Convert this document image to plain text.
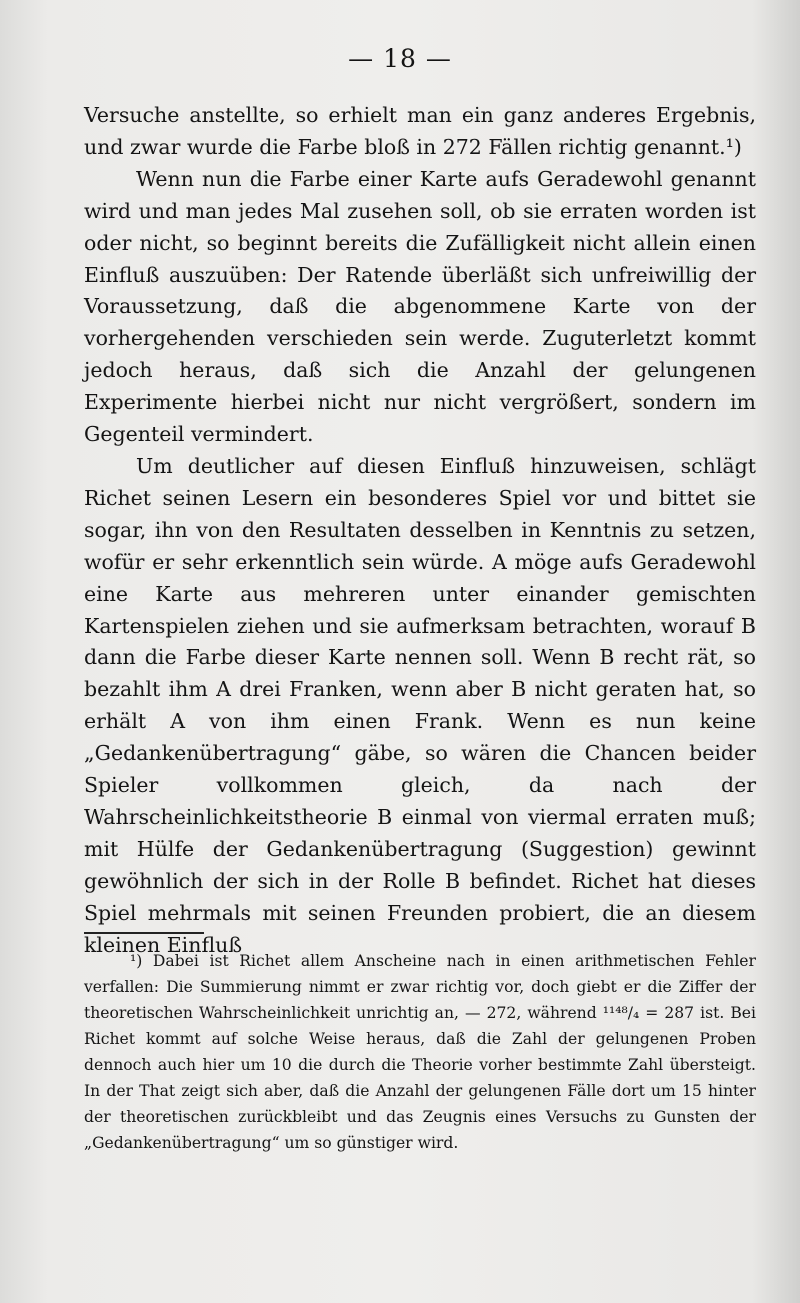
— 18 —

Versuche anstellte, so erhielt man ein ganz anderes Ergebnis, und zwar wurde die Farbe bloß in 272 Fällen richtig genannt.¹)

Wenn nun die Farbe einer Karte aufs Geradewohl genannt wird und man jedes Mal zusehen soll, ob sie erraten worden ist oder nicht, so beginnt bereits die Zufälligkeit nicht allein einen Einfluß auszuüben: Der Ratende überläßt sich unfreiwillig der Voraussetzung, daß die abgenommene Karte von der vorhergehenden verschieden sein werde. Zuguterletzt kommt jedoch heraus, daß sich die Anzahl der gelungenen Experimente hierbei nicht nur nicht vergrößert, sondern im Gegenteil vermindert.

Um deutlicher auf diesen Einfluß hinzuweisen, schlägt Richet seinen Lesern ein besonderes Spiel vor und bittet sie sogar, ihn von den Resultaten desselben in Kenntnis zu setzen, wofür er sehr erkenntlich sein würde. A möge aufs Geradewohl eine Karte aus mehreren unter einander gemischten Kartenspielen ziehen und sie aufmerksam betrachten, worauf B dann die Farbe dieser Karte nennen soll. Wenn B recht rät, so bezahlt ihm A drei Franken, wenn aber B nicht geraten hat, so erhält A von ihm einen Frank. Wenn es nun keine „Gedankenübertragung“ gäbe, so wären die Chancen beider Spieler vollkommen gleich, da nach der Wahrscheinlichkeitstheorie B einmal von viermal erraten muß; mit Hülfe der Gedankenübertragung (Suggestion) gewinnt gewöhnlich der sich in der Rolle B befindet. Richet hat dieses Spiel mehrmals mit seinen Freunden probiert, die an diesem kleinen Einfluß

¹) Dabei ist Richet allem Anscheine nach in einen arithmetischen Fehler verfallen: Die Summierung nimmt er zwar richtig vor, doch giebt er die Ziffer der theoretischen Wahrscheinlichkeit unrichtig an, — 272, während ¹¹⁴⁸/₄ = 287 ist. Bei Richet kommt auf solche Weise heraus, daß die Zahl der gelungenen Proben dennoch auch hier um 10 die durch die Theorie vorher bestimmte Zahl übersteigt. In der That zeigt sich aber, daß die Anzahl der gelungenen Fälle dort um 15 hinter der theoretischen zurückbleibt und das Zeugnis eines Versuchs zu Gunsten der „Gedankenübertragung“ um so günstiger wird.
